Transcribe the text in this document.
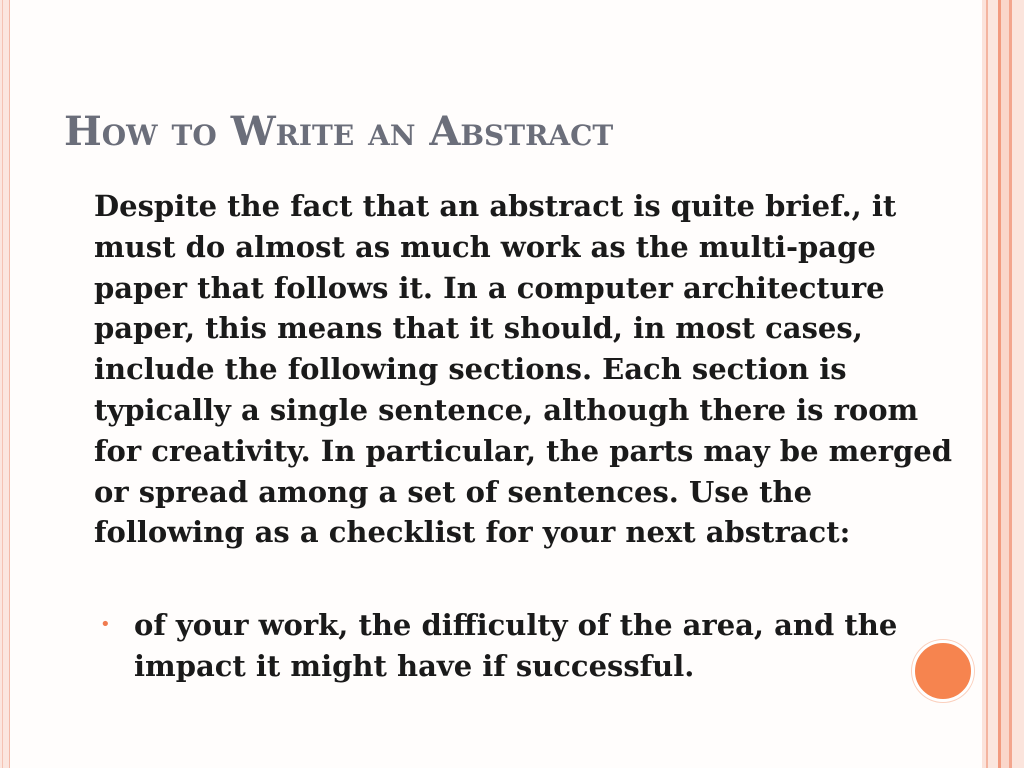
How to Write an Abstract

Despite the fact that an abstract is quite brief., it must do almost as much work as the multi-page paper that follows it. In a computer architecture paper, this means that it should, in most cases, include the following sections. Each section is typically a single sentence, although there is room for creativity. In particular, the parts may be merged or spread among a set of sentences. Use the following as a checklist for your next abstract:

• of your work, the difficulty of the area, and the impact it might have if successful.
